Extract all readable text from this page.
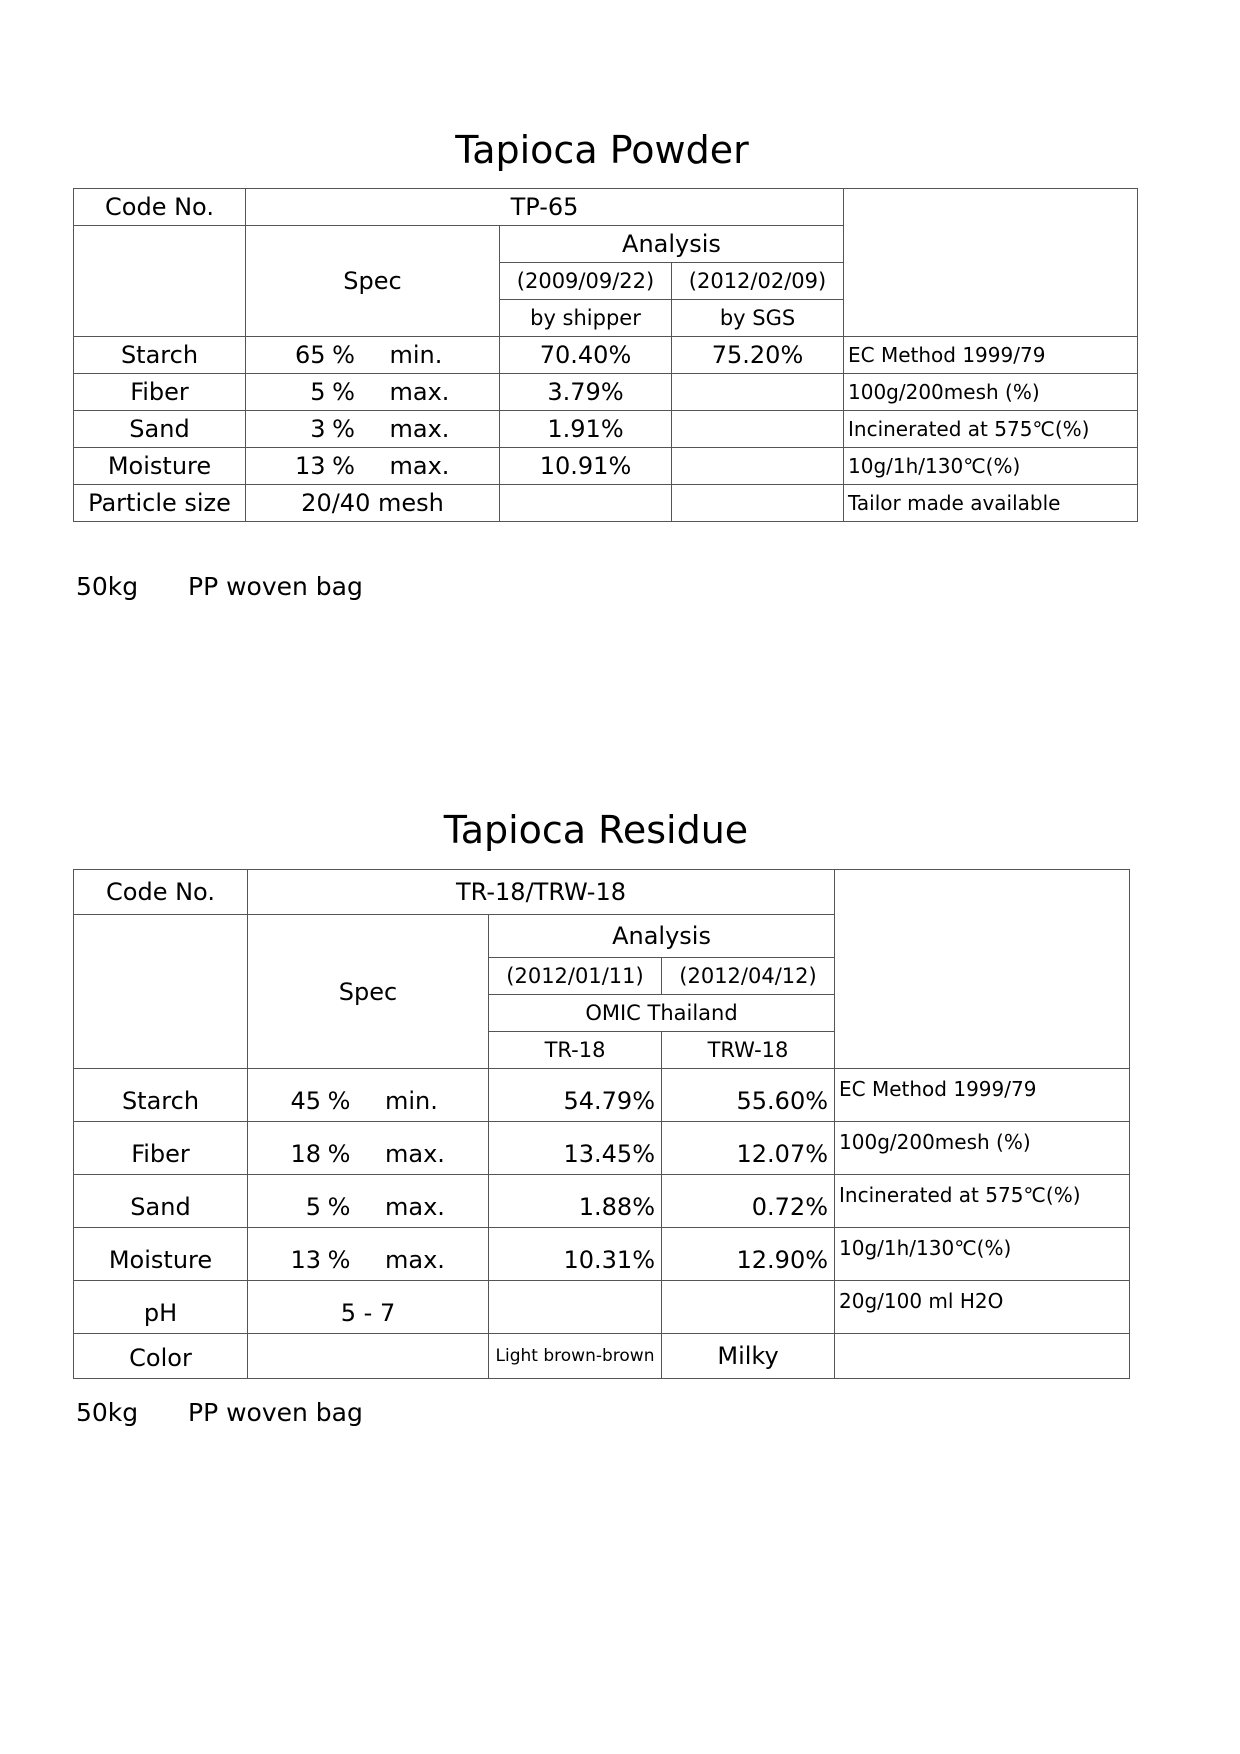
Tapioca Powder
Code No.	TP-65			
	Spec	Analysis		
		(2009/09/22)	(2012/02/09)	
		by shipper	by SGS	
Starch	65 % min.	70.40%	75.20%	EC Method 1999/79
Fiber	5 % max.	3.79%		100g/200mesh (%)
Sand	3 % max.	1.91%		Incinerated at 575℃(%)
Moisture	13 % max.	10.91%		10g/1h/130℃(%)
Particle size	20/40 mesh			Tailor made available
50kg PP woven bag
Tapioca Residue
Code No.	TR-18/TRW-18			
	Spec	Analysis		
		(2012/01/11)	(2012/04/12)	
		OMIC Thailand		
		TR-18	TRW-18	
Starch	45 % min.	54.79%	55.60%	EC Method 1999/79
Fiber	18 % max.	13.45%	12.07%	100g/200mesh (%)
Sand	5 % max.	1.88%	0.72%	Incinerated at 575℃(%)
Moisture	13 % max.	10.31%	12.90%	10g/1h/130℃(%)
pH	5 - 7			20g/100 ml H2O
Color		Light brown-brown	Milky	
50kg PP woven bag
